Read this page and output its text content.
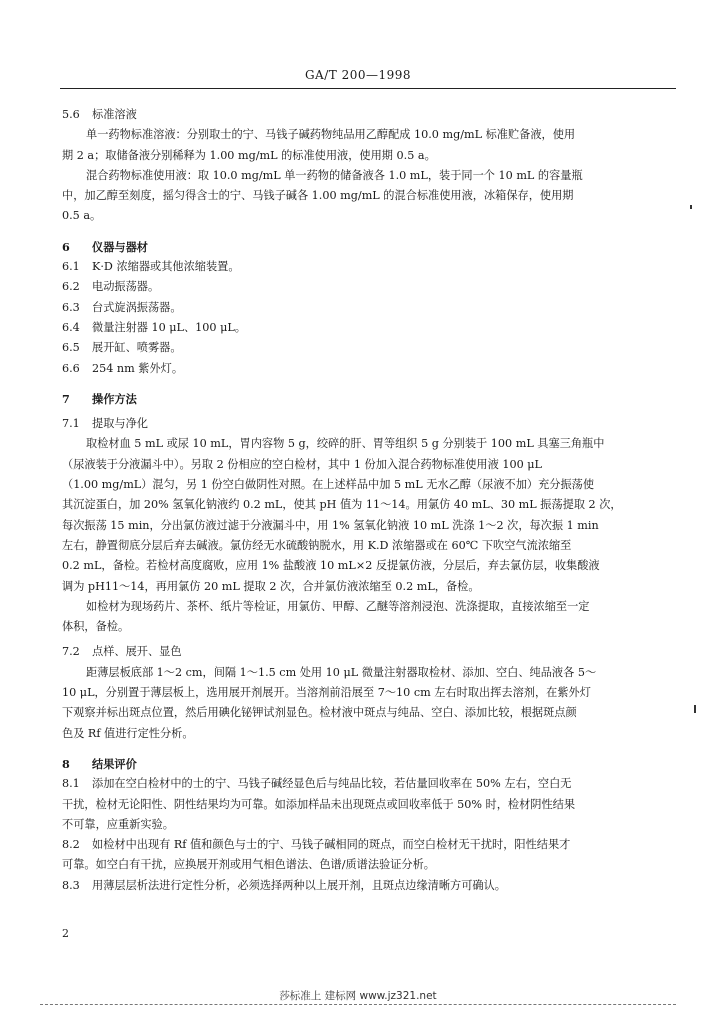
GA/T 200—1998
5.6 标准溶液
单一药物标准溶液：分别取士的宁、马钱子碱药物纯品用乙醇配成 10.0 mg/mL 标准贮备液，使用
期 2 a；取储备液分别稀释为 1.00 mg/mL 的标准使用液，使用期 0.5 a。
混合药物标准使用液：取 10.0 mg/mL 单一药物的储备液各 1.0 mL，装于同一个 10 mL 的容量瓶
中，加乙醇至刻度，摇匀得含士的宁、马钱子碱各 1.00 mg/mL 的混合标准使用液，冰箱保存，使用期
0.5 a。
6 仪器与器材
6.1 K·D 浓缩器或其他浓缩装置。
6.2 电动振荡器。
6.3 台式旋涡振荡器。
6.4 微量注射器 10 μL、100 μL。
6.5 展开缸、喷雾器。
6.6 254 nm 紫外灯。
7 操作方法
7.1 提取与净化
取检材血 5 mL 或尿 10 mL，胃内容物 5 g，绞碎的肝、胃等组织 5 g 分别装于 100 mL 具塞三角瓶中
（尿液装于分液漏斗中）。另取 2 份相应的空白检材，其中 1 份加入混合药物标准使用液 100 μL
（1.00 mg/mL）混匀，另 1 份空白做阴性对照。在上述样品中加 5 mL 无水乙醇（尿液不加）充分振荡使
其沉淀蛋白，加 20% 氢氧化钠液约 0.2 mL，使其 pH 值为 11～14。用氯仿 40 mL、30 mL 振荡提取 2 次，
每次振荡 15 min，分出氯仿液过滤于分液漏斗中，用 1% 氢氧化钠液 10 mL 洗涤 1～2 次，每次振 1 min
左右，静置彻底分层后弃去碱液。氯仿经无水硫酸钠脱水，用 K.D 浓缩器或在 60℃ 下吹空气流浓缩至
0.2 mL，备检。若检材高度腐败，应用 1% 盐酸液 10 mL×2 反提氯仿液，分层后，弃去氯仿层，收集酸液
调为 pH11～14，再用氯仿 20 mL 提取 2 次，合并氯仿液浓缩至 0.2 mL，备检。
如检材为现场药片、茶杯、纸片等检证，用氯仿、甲醇、乙醚等溶剂浸泡、洗涤提取，直接浓缩至一定
体积，备检。
7.2 点样、展开、显色
距薄层板底部 1～2 cm，间隔 1～1.5 cm 处用 10 μL 微量注射器取检材、添加、空白、纯品液各 5～
10 μL，分别置于薄层板上，选用展开剂展开。当溶剂前沿展至 7～10 cm 左右时取出挥去溶剂，在紫外灯
下观察并标出斑点位置，然后用碘化铋钾试剂显色。检材液中斑点与纯品、空白、添加比较，根据斑点颜
色及 Rf 值进行定性分析。
8 结果评价
8.1 添加在空白检材中的士的宁、马钱子碱经显色后与纯品比较，若估量回收率在 50% 左右，空白无
干扰，检材无论阳性、阴性结果均为可靠。如添加样品未出现斑点或回收率低于 50% 时，检材阴性结果
不可靠，应重新实验。
8.2 如检材中出现有 Rf 值和颜色与士的宁、马钱子碱相同的斑点，而空白检材无干扰时，阳性结果才
可靠。如空白有干扰，应换展开剂或用气相色谱法、色谱/质谱法验证分析。
8.3 用薄层层析法进行定性分析，必须选择两种以上展开剂，且斑点边缘清晰方可确认。
2
莎标准上 建标网 www.jz321.net
